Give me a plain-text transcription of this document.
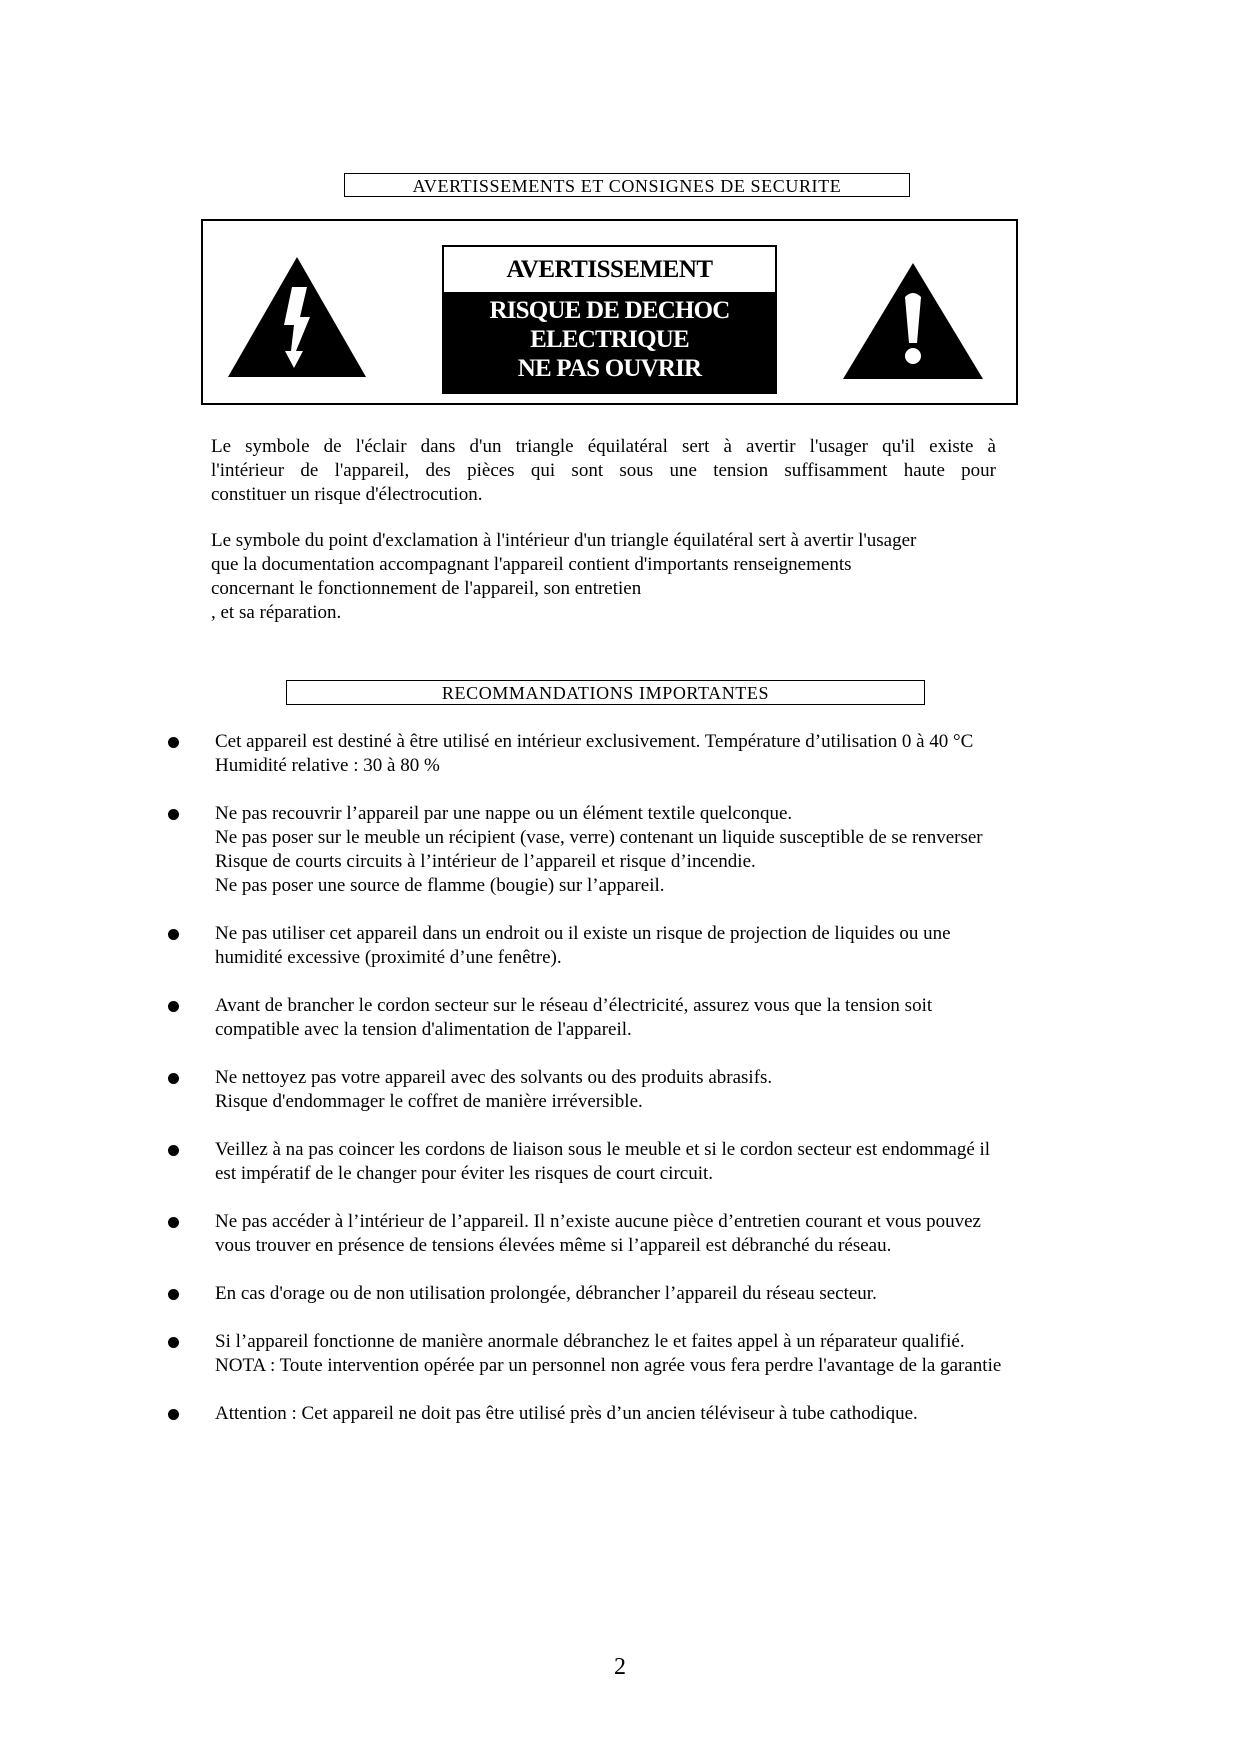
AVERTISSEMENTS ET CONSIGNES DE SECURITE
AVERTISSEMENT
RISQUE DE DECHOC
ELECTRIQUE
NE PAS OUVRIR
Le symbole de l'éclair dans d'un triangle équilatéral sert à avertir l'usager qu'il existe à
l'intérieur de l'appareil, des pièces qui sont sous une tension suffisamment haute pour
constituer un risque d'électrocution.
Le symbole du point d'exclamation à l'intérieur d'un triangle équilatéral sert à avertir l'usager
que la documentation accompagnant l'appareil contient d'importants renseignements
concernant le fonctionnement de l'appareil, son entretien
, et sa réparation.
RECOMMANDATIONS IMPORTANTES
Cet appareil est destiné à être utilisé en intérieur exclusivement. Température d’utilisation 0 à 40 °C
Humidité relative : 30 à 80 %
Ne pas recouvrir l’appareil par une nappe ou un élément textile quelconque.
Ne pas poser sur le meuble un récipient (vase, verre) contenant un liquide susceptible de se renverser
Risque de courts circuits à l’intérieur de l’appareil et risque d’incendie.
Ne pas poser une source de flamme (bougie) sur l’appareil.
Ne pas utiliser cet appareil dans un endroit ou il existe un risque de projection de liquides ou une
humidité excessive (proximité d’une fenêtre).
Avant de brancher le cordon secteur sur le réseau d’électricité, assurez vous que la tension soit
compatible avec la tension d'alimentation de l'appareil.
Ne nettoyez pas votre appareil avec des solvants ou des produits abrasifs.
Risque d'endommager le coffret de manière irréversible.
Veillez à na pas coincer les cordons de liaison sous le meuble et si le cordon secteur est endommagé il
est impératif de le changer pour éviter les risques de court circuit.
Ne pas accéder à l’intérieur de l’appareil. Il n’existe aucune pièce d’entretien courant et vous pouvez
vous trouver en présence de tensions élevées même si l’appareil est débranché du réseau.
En cas d'orage ou de non utilisation prolongée, débrancher l’appareil du réseau secteur.
Si l’appareil fonctionne de manière anormale débranchez le et faites appel à un réparateur qualifié.
NOTA : Toute intervention opérée par un personnel non agrée vous fera perdre l'avantage de la garantie
Attention : Cet appareil ne doit pas être utilisé près d’un ancien téléviseur à tube cathodique.
2
